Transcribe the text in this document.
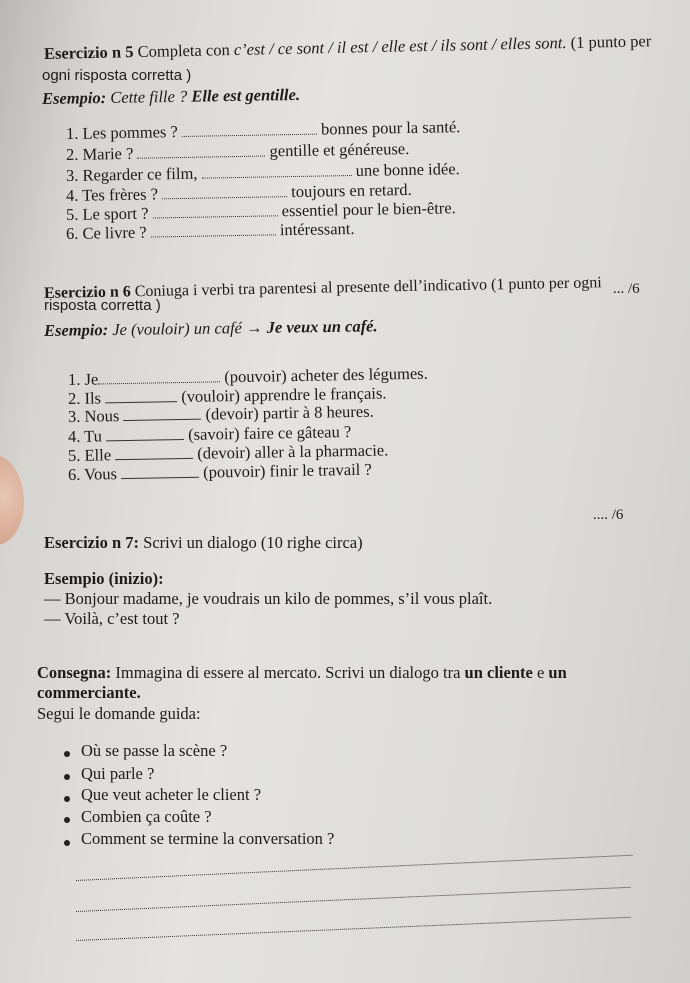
Esercizio n 5 Completa con c’est / ce sont / il est / elle est / ils sont / elles sont. (1 punto per
ogni risposta corretta )
Esempio: Cette fille ? Elle est gentille.
1. Les pommes ?	bonnes pour la santé.
2. Marie ?	gentille et généreuse.
3. Regarder ce film,	une bonne idée.
4. Tes frères ?	toujours en retard.
5. Le sport ?	essentiel pour le bien-être.
6. Ce livre ?	intéressant.
... /6
Esercizio n 6 Coniuga i verbi tra parentesi al presente dell’indicativo (1 punto per ogni
risposta corretta )
Esempio: Je (vouloir) un café → Je veux un café.
1. Je	(pouvoir) acheter des légumes.
2. Ils	(vouloir) apprendre le français.
3. Nous	(devoir) partir à 8 heures.
4. Tu	(savoir) faire ce gâteau ?
5. Elle	(devoir) aller à la pharmacie.
6. Vous	(pouvoir) finir le travail ?
.... /6
Esercizio n 7: Scrivi un dialogo (10 righe circa)
Esempio (inizio):
— Bonjour madame, je voudrais un kilo de pommes, s’il vous plaît.
— Voilà, c’est tout ?
Consegna: Immagina di essere al mercato. Scrivi un dialogo tra un cliente e un
commerciante.
Segui le domande guida:
Où se passe la scène ?
Qui parle ?
Que veut acheter le client ?
Combien ça coûte ?
Comment se termine la conversation ?
